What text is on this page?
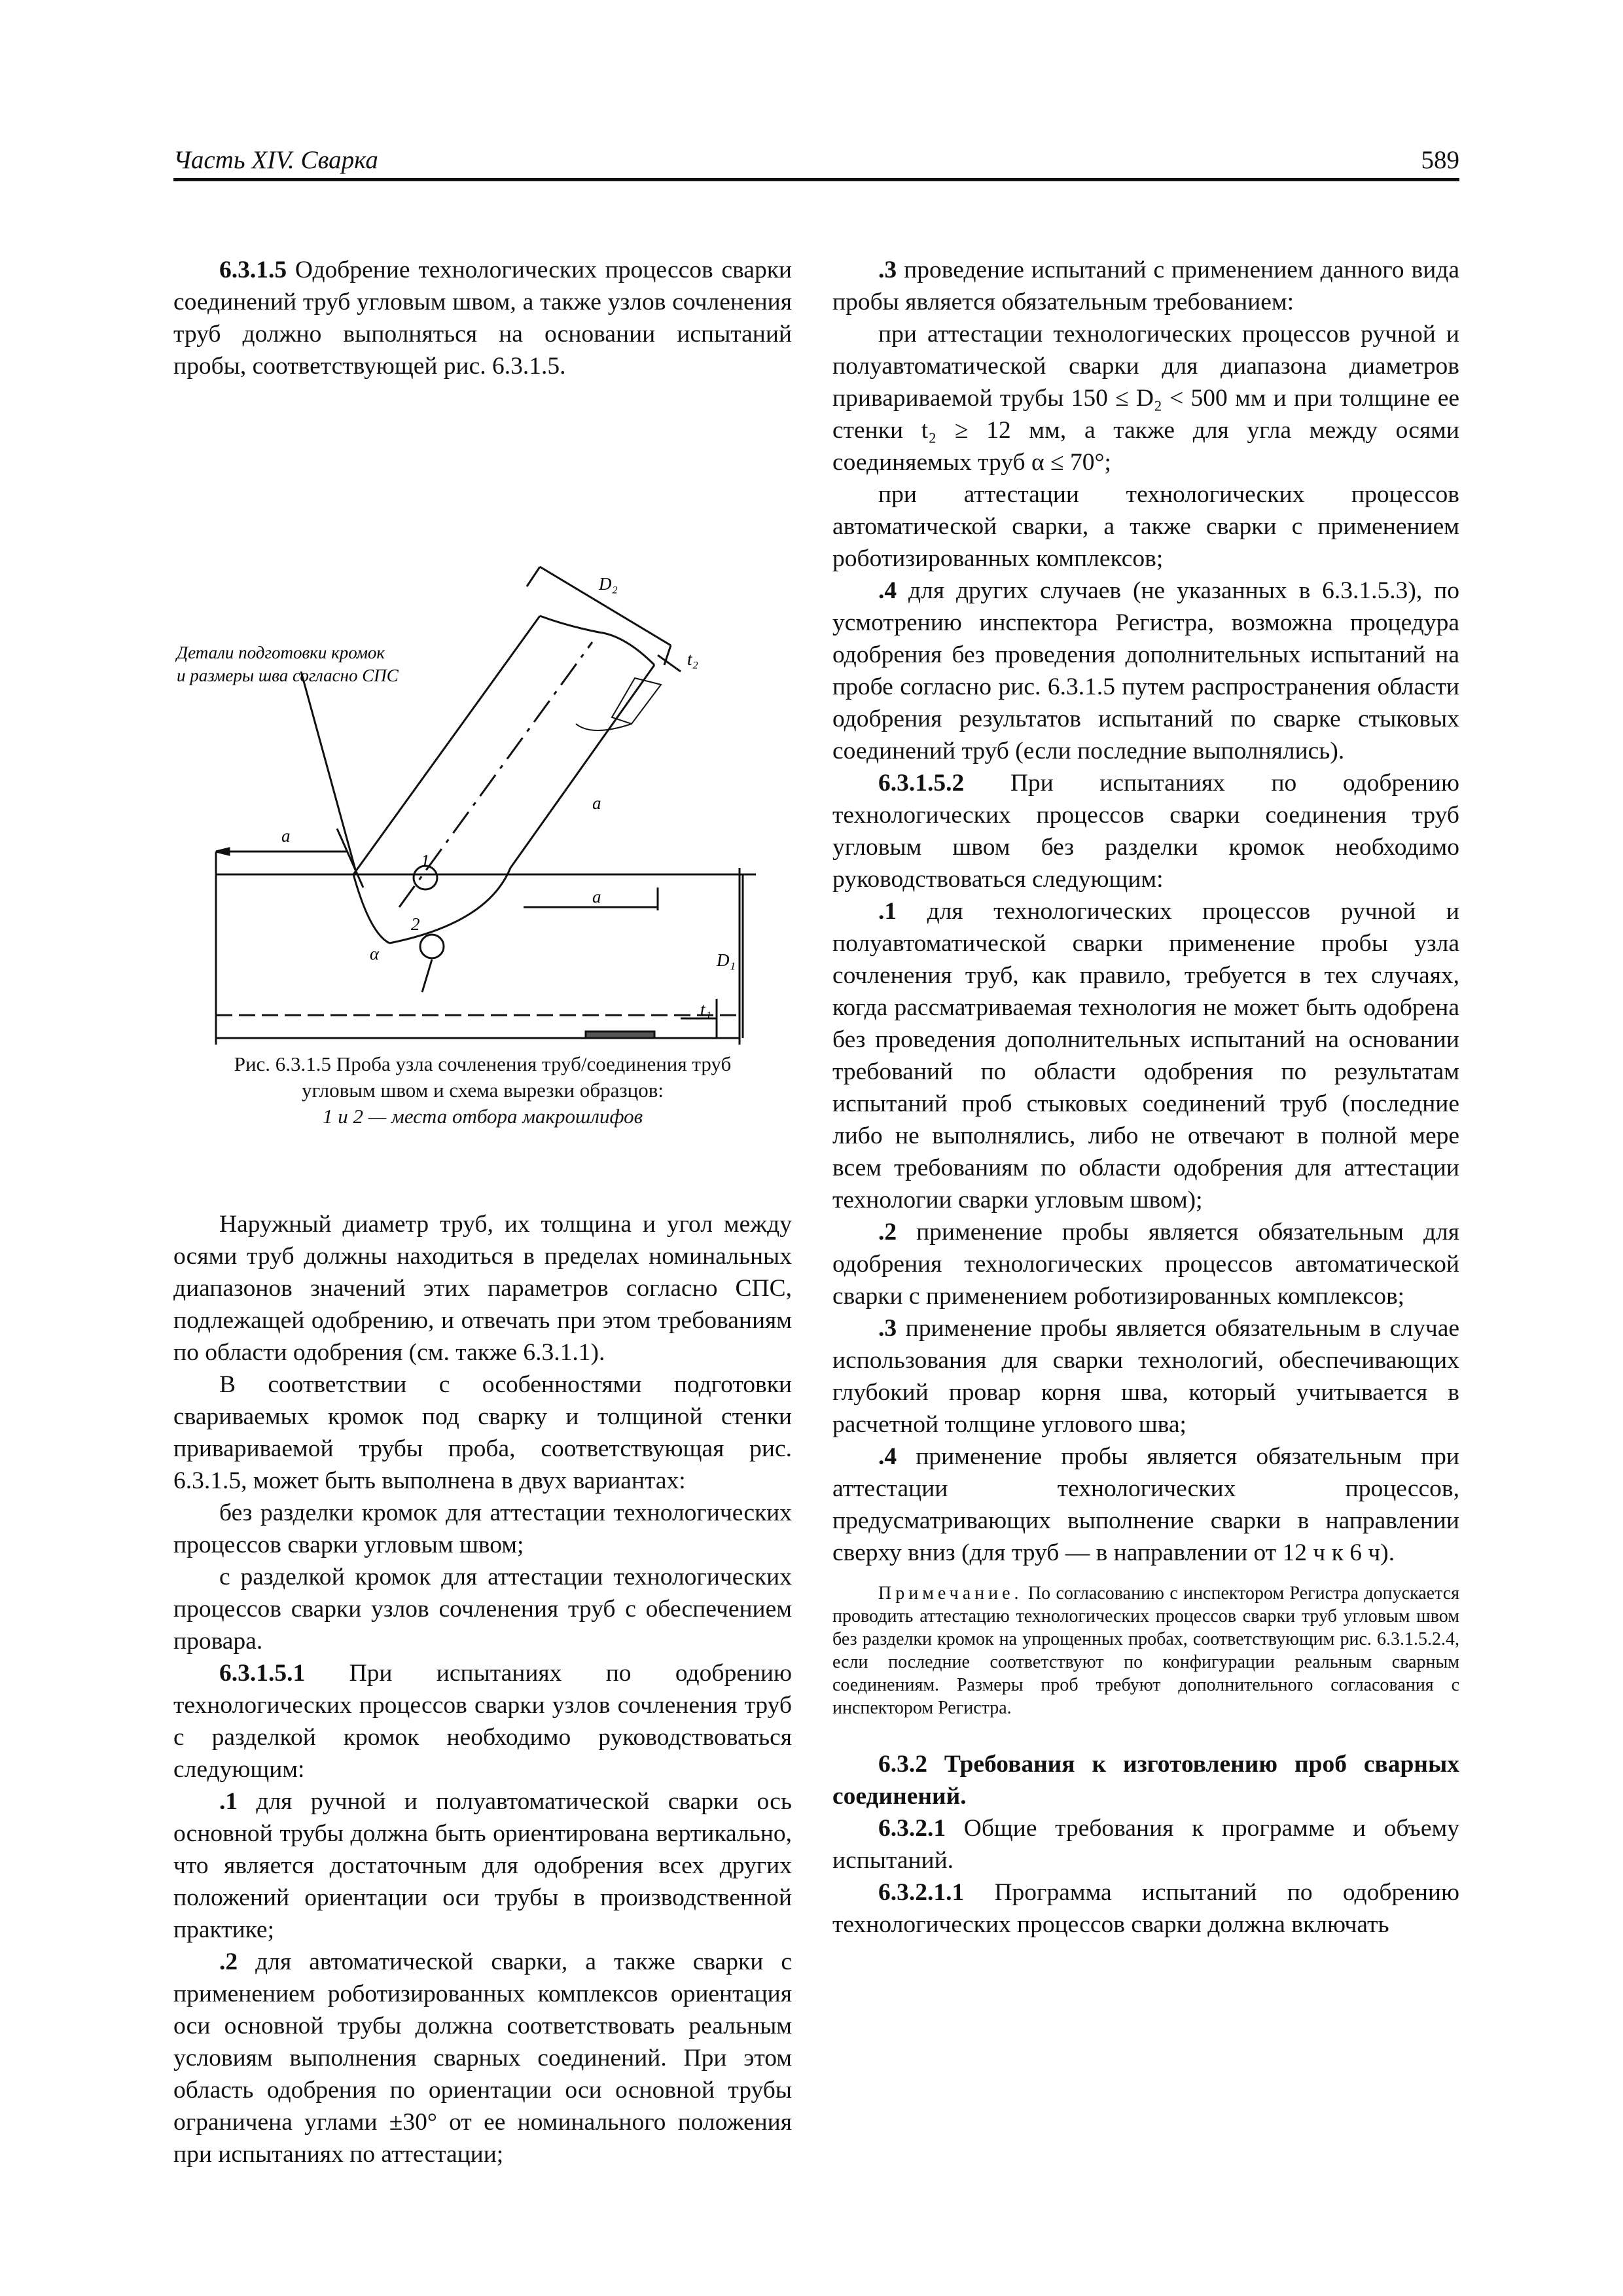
Часть XIV. Сварка	589

6.3.1.5 Одобрение технологических процессов сварки соединений труб угловым швом, а также узлов сочленения труб должно выполняться на основании испытаний пробы, соответствующей рис. 6.3.1.5.

Детали подготовки кромок
и размеры шва согласно СПС
D₂
t₂
a
a
a
1
2
α	D₁
t₁
Рис. 6.3.1.5 Проба узла сочленения труб/соединения труб
угловым швом и схема вырезки образцов:
1 и 2 — места отбора макрошлифов

Наружный диаметр труб, их толщина и угол между осями труб должны находиться в пределах номинальных диапазонов значений этих параметров согласно СПС, подлежащей одобрению, и отвечать при этом требованиям по области одобрения (см. также 6.3.1.1).

В соответствии с особенностями подготовки свариваемых кромок под сварку и толщиной стенки привариваемой трубы проба, соответствующая рис. 6.3.1.5, может быть выполнена в двух вариантах:

без разделки кромок для аттестации технологических процессов сварки угловым швом;

с разделкой кромок для аттестации технологических процессов сварки узлов сочленения труб с обеспечением провара.

6.3.1.5.1 При испытаниях по одобрению технологических процессов сварки узлов сочленения труб с разделкой кромок необходимо руководствоваться следующим:

.1 для ручной и полуавтоматической сварки ось основной трубы должна быть ориентирована вертикально, что является достаточным для одобрения всех других положений ориентации оси трубы в производственной практике;

.2 для автоматической сварки, а также сварки с применением роботизированных комплексов ориентация оси основной трубы должна соответствовать реальным условиям выполнения сварных соединений. При этом область одобрения по ориентации оси основной трубы ограничена углами ±30° от ее номинального положения при испытаниях по аттестации;

.3 проведение испытаний с применением данного вида пробы является обязательным требованием:

при аттестации технологических процессов ручной и полуавтоматической сварки для диапазона диаметров привариваемой трубы 150 ≤ D₂ < 500 мм и при толщине ее стенки t₂ ≥ 12 мм, а также для угла между осями соединяемых труб α ≤ 70°;

при аттестации технологических процессов автоматической сварки, а также сварки с применением роботизированных комплексов;

.4 для других случаев (не указанных в 6.3.1.5.3), по усмотрению инспектора Регистра, возможна процедура одобрения без проведения дополнительных испытаний на пробе согласно рис. 6.3.1.5 путем распространения области одобрения результатов испытаний по сварке стыковых соединений труб (если последние выполнялись).

6.3.1.5.2 При испытаниях по одобрению технологических процессов сварки соединения труб угловым швом без разделки кромок необходимо руководствоваться следующим:

.1 для технологических процессов ручной и полуавтоматической сварки применение пробы узла сочленения труб, как правило, требуется в тех случаях, когда рассматриваемая технология не может быть одобрена без проведения дополнительных испытаний на основании требований по области одобрения по результатам испытаний проб стыковых соединений труб (последние либо не выполнялись, либо не отвечают в полной мере всем требованиям по области одобрения для аттестации технологии сварки угловым швом);

.2 применение пробы является обязательным для одобрения технологических процессов автоматической сварки с применением роботизированных комплексов;

.3 применение пробы является обязательным в случае использования для сварки технологий, обеспечивающих глубокий провар корня шва, который учитывается в расчетной толщине углового шва;

.4 применение пробы является обязательным при аттестации технологических процессов, предусматривающих выполнение сварки в направлении сверху вниз (для труб — в направлении от 12 ч к 6 ч).

Примечание. По согласованию с инспектором Регистра допускается проводить аттестацию технологических процессов сварки труб угловым швом без разделки кромок на упрощенных пробах, соответствующим рис. 6.3.1.5.2.4, если последние соответствуют по конфигурации реальным сварным соединениям. Размеры проб требуют дополнительного согласования с инспектором Регистра.

6.3.2 Требования к изготовлению проб сварных соединений.

6.3.2.1 Общие требования к программе и объему испытаний.

6.3.2.1.1 Программа испытаний по одобрению технологических процессов сварки должна включать
